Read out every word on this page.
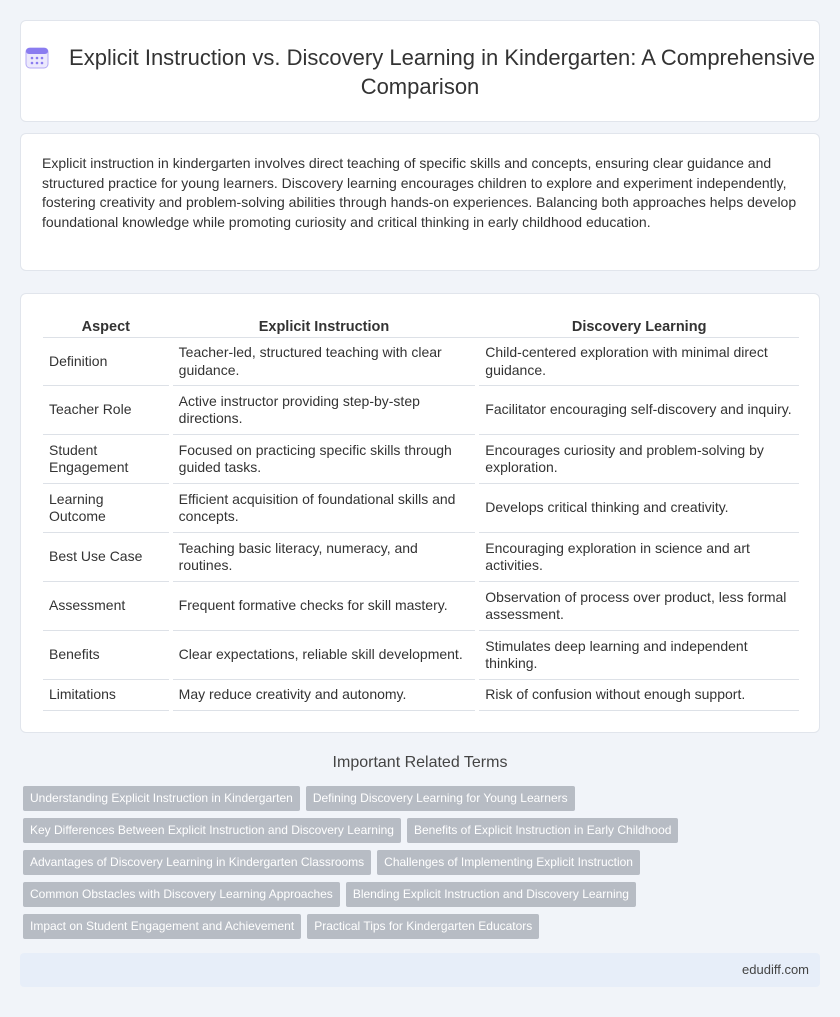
Explicit Instruction vs. Discovery Learning in Kindergarten: A Comprehensive Comparison

Explicit instruction in kindergarten involves direct teaching of specific skills and concepts, ensuring clear guidance and structured practice for young learners. Discovery learning encourages children to explore and experiment independently, fostering creativity and problem-solving abilities through hands-on experiences. Balancing both approaches helps develop foundational knowledge while promoting curiosity and critical thinking in early childhood education.

Aspect		Explicit Instruction		Discovery Learning
Definition		Teacher-led, structured teaching with clear guidance.		Child-centered exploration with minimal direct guidance.
Teacher Role		Active instructor providing step-by-step directions.		Facilitator encouraging self-discovery and inquiry.
Student Engagement		Focused on practicing specific skills through guided tasks.		Encourages curiosity and problem-solving by exploration.
Learning Outcome		Efficient acquisition of foundational skills and concepts.		Develops critical thinking and creativity.
Best Use Case		Teaching basic literacy, numeracy, and routines.		Encouraging exploration in science and art activities.
Assessment		Frequent formative checks for skill mastery.		Observation of process over product, less formal assessment.
Benefits		Clear expectations, reliable skill development.		Stimulates deep learning and independent thinking.
Limitations		May reduce creativity and autonomy.		Risk of confusion without enough support.
Important Related Terms
Understanding Explicit Instruction in Kindergarten Defining Discovery Learning for Young Learners
Key Differences Between Explicit Instruction and Discovery Learning Benefits of Explicit Instruction in Early Childhood
Advantages of Discovery Learning in Kindergarten Classrooms Challenges of Implementing Explicit Instruction
Common Obstacles with Discovery Learning Approaches Blending Explicit Instruction and Discovery Learning
Impact on Student Engagement and Achievement Practical Tips for Kindergarten Educators
edudiff.com
